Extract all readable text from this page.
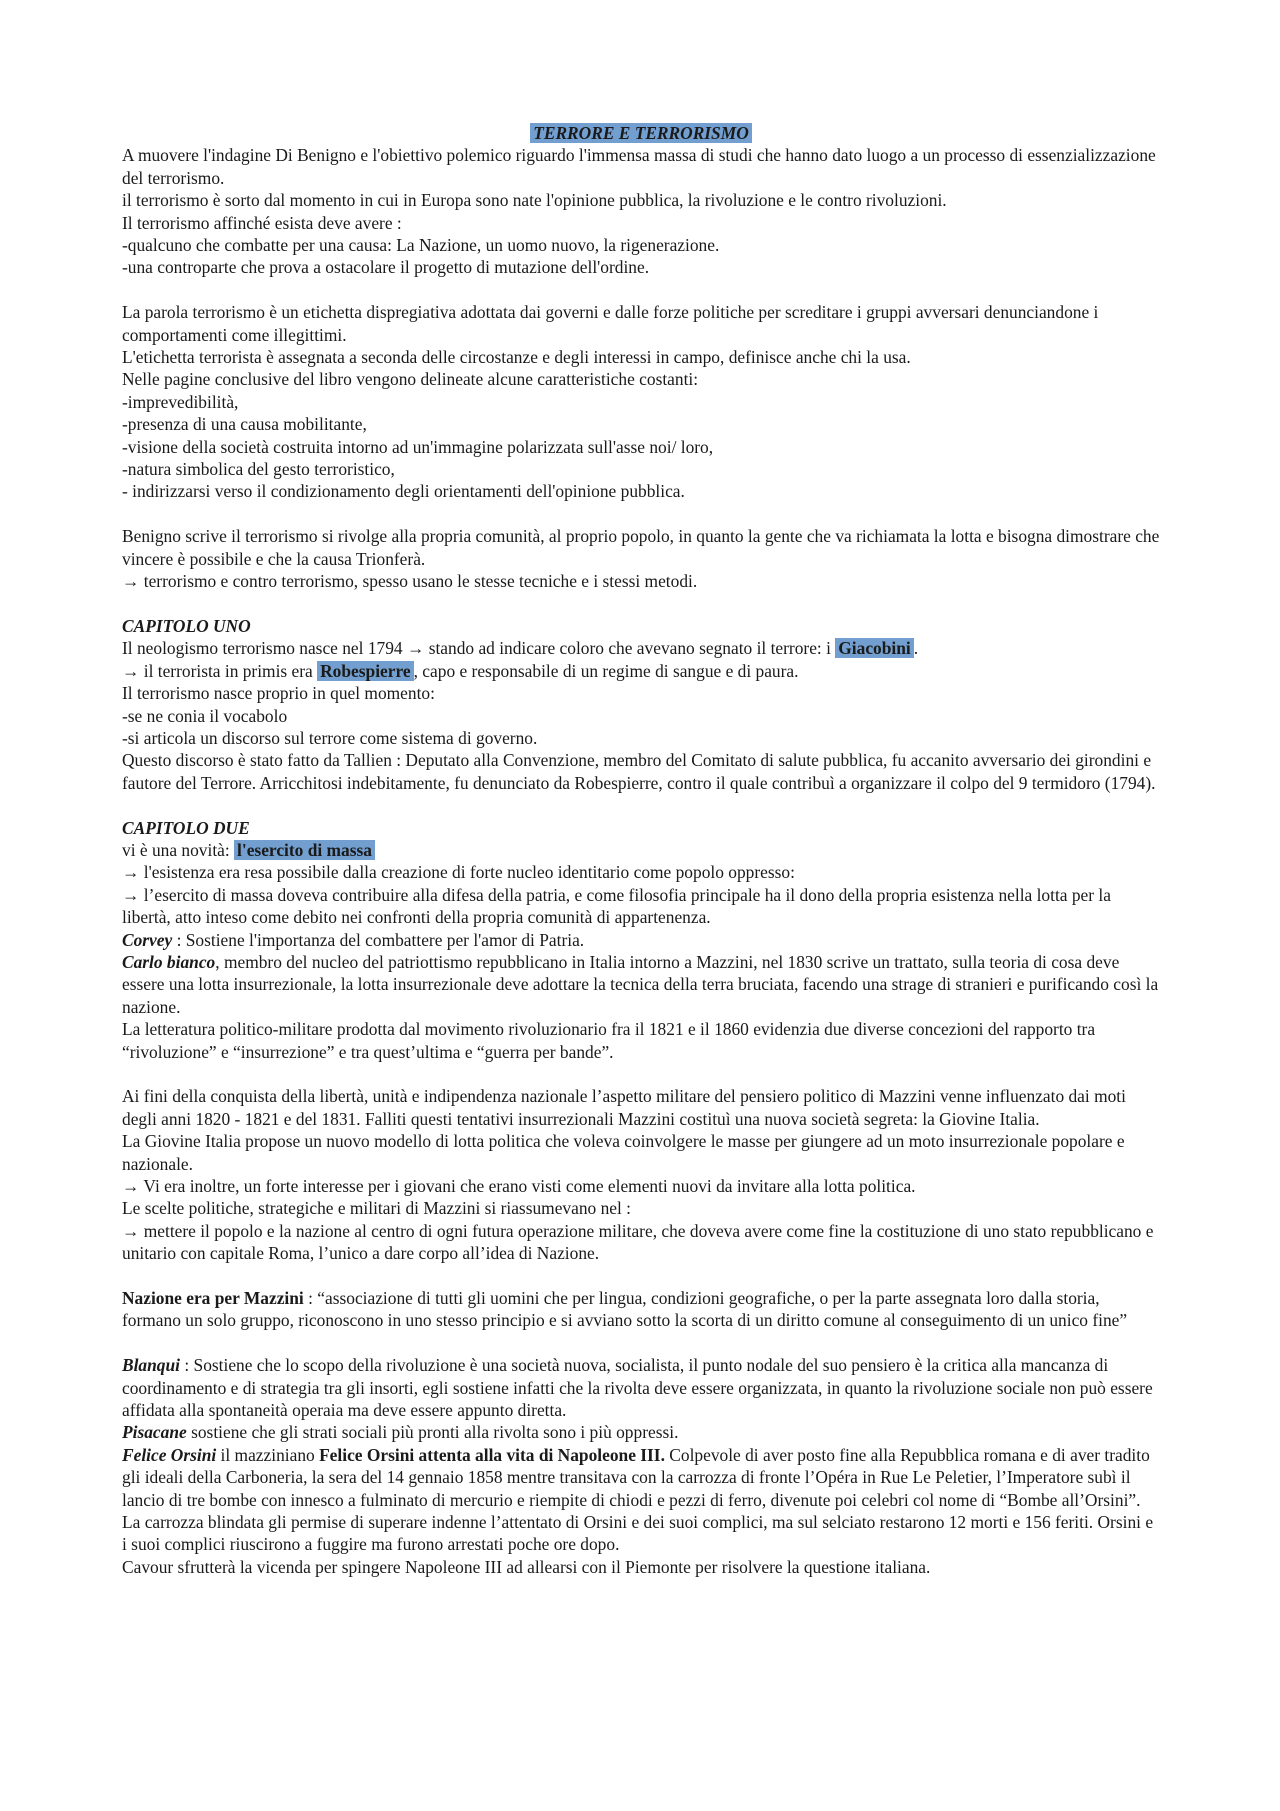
TERRORE E TERRORISMO

A muovere l'indagine Di Benigno e l'obiettivo polemico riguardo l'immensa massa di studi che hanno dato luogo a un processo di essenzializzazione del terrorismo.

il terrorismo è sorto dal momento in cui in Europa sono nate l'opinione pubblica, la rivoluzione e le contro rivoluzioni.

Il terrorismo affinché esista deve avere :

-qualcuno che combatte per una causa: La Nazione, un uomo nuovo, la rigenerazione.

-una controparte che prova a ostacolare il progetto di mutazione dell'ordine.

La parola terrorismo è un etichetta dispregiativa adottata dai governi e dalle forze politiche per screditare i gruppi avversari denunciandone i comportamenti come illegittimi.

L'etichetta terrorista è assegnata a seconda delle circostanze e degli interessi in campo, definisce anche chi la usa.

Nelle pagine conclusive del libro vengono delineate alcune caratteristiche costanti:

-imprevedibilità,

-presenza di una causa mobilitante,

-visione della società costruita intorno ad un'immagine polarizzata sull'asse noi/ loro,

-natura simbolica del gesto terroristico,

- indirizzarsi verso il condizionamento degli orientamenti dell'opinione pubblica.

Benigno scrive il terrorismo si rivolge alla propria comunità, al proprio popolo, in quanto la gente che va richiamata la lotta e bisogna dimostrare che vincere è possibile e che la causa Trionferà.

→ terrorismo e contro terrorismo, spesso usano le stesse tecniche e i stessi metodi.

CAPITOLO UNO

Il neologismo terrorismo nasce nel 1794 → stando ad indicare coloro che avevano segnato il terrore: i Giacobini .

→ il terrorista in primis era Robespierre , capo e responsabile di un regime di sangue e di paura.

Il terrorismo nasce proprio in quel momento:

-se ne conia il vocabolo

-si articola un discorso sul terrore come sistema di governo.

Questo discorso è stato fatto da Tallien : Deputato alla Convenzione, membro del Comitato di salute pubblica, fu accanito avversario dei girondini e fautore del Terrore. Arricchitosi indebitamente, fu denunciato da Robespierre, contro il quale contribuì a organizzare il colpo del 9 termidoro (1794).

CAPITOLO DUE

vi è una novità: l'esercito di massa

→ l'esistenza era resa possibile dalla creazione di forte nucleo identitario come popolo oppresso:

→ l’esercito di massa doveva contribuire alla difesa della patria, e come filosofia principale ha il dono della propria esistenza nella lotta per la libertà, atto inteso come debito nei confronti della propria comunità di appartenenza.

Corvey : Sostiene l'importanza del combattere per l'amor di Patria.

Carlo bianco, membro del nucleo del patriottismo repubblicano in Italia intorno a Mazzini, nel 1830 scrive un trattato, sulla teoria di cosa deve essere una lotta insurrezionale, la lotta insurrezionale deve adottare la tecnica della terra bruciata, facendo una strage di stranieri e purificando così la nazione.

La letteratura politico-militare prodotta dal movimento rivoluzionario fra il 1821 e il 1860 evidenzia due diverse concezioni del rapporto tra “rivoluzione” e “insurrezione” e tra quest’ultima e “guerra per bande”.

Ai fini della conquista della libertà, unità e indipendenza nazionale l’aspetto militare del pensiero politico di Mazzini venne influenzato dai moti degli anni 1820 - 1821 e del 1831. Falliti questi tentativi insurrezionali Mazzini costituì una nuova società segreta: la Giovine Italia.

La Giovine Italia propose un nuovo modello di lotta politica che voleva coinvolgere le masse per giungere ad un moto insurrezionale popolare e nazionale.

→ Vi era inoltre, un forte interesse per i giovani che erano visti come elementi nuovi da invitare alla lotta politica.

Le scelte politiche, strategiche e militari di Mazzini si riassumevano nel :

→ mettere il popolo e la nazione al centro di ogni futura operazione militare, che doveva avere come fine la costituzione di uno stato repubblicano e unitario con capitale Roma, l’unico a dare corpo all’idea di Nazione.

Nazione era per Mazzini : “associazione di tutti gli uomini che per lingua, condizioni geografiche, o per la parte assegnata loro dalla storia, formano un solo gruppo, riconoscono in uno stesso principio e si avviano sotto la scorta di un diritto comune al conseguimento di un unico fine”

Blanqui : Sostiene che lo scopo della rivoluzione è una società nuova, socialista, il punto nodale del suo pensiero è la critica alla mancanza di coordinamento e di strategia tra gli insorti, egli sostiene infatti che la rivolta deve essere organizzata, in quanto la rivoluzione sociale non può essere affidata alla spontaneità operaia ma deve essere appunto diretta.

Pisacane sostiene che gli strati sociali più pronti alla rivolta sono i più oppressi.

Felice Orsini il mazziniano Felice Orsini attenta alla vita di Napoleone III. Colpevole di aver posto fine alla Repubblica romana e di aver tradito gli ideali della Carboneria, la sera del 14 gennaio 1858 mentre transitava con la carrozza di fronte l’Opéra in Rue Le Peletier, l’Imperatore subì il lancio di tre bombe con innesco a fulminato di mercurio e riempite di chiodi e pezzi di ferro, divenute poi celebri col nome di “Bombe all’Orsini”. La carrozza blindata gli permise di superare indenne l’attentato di Orsini e dei suoi complici, ma sul selciato restarono 12 morti e 156 feriti. Orsini e i suoi complici riuscirono a fuggire ma furono arrestati poche ore dopo.

Cavour sfrutterà la vicenda per spingere Napoleone III ad allearsi con il Piemonte per risolvere la questione italiana.
